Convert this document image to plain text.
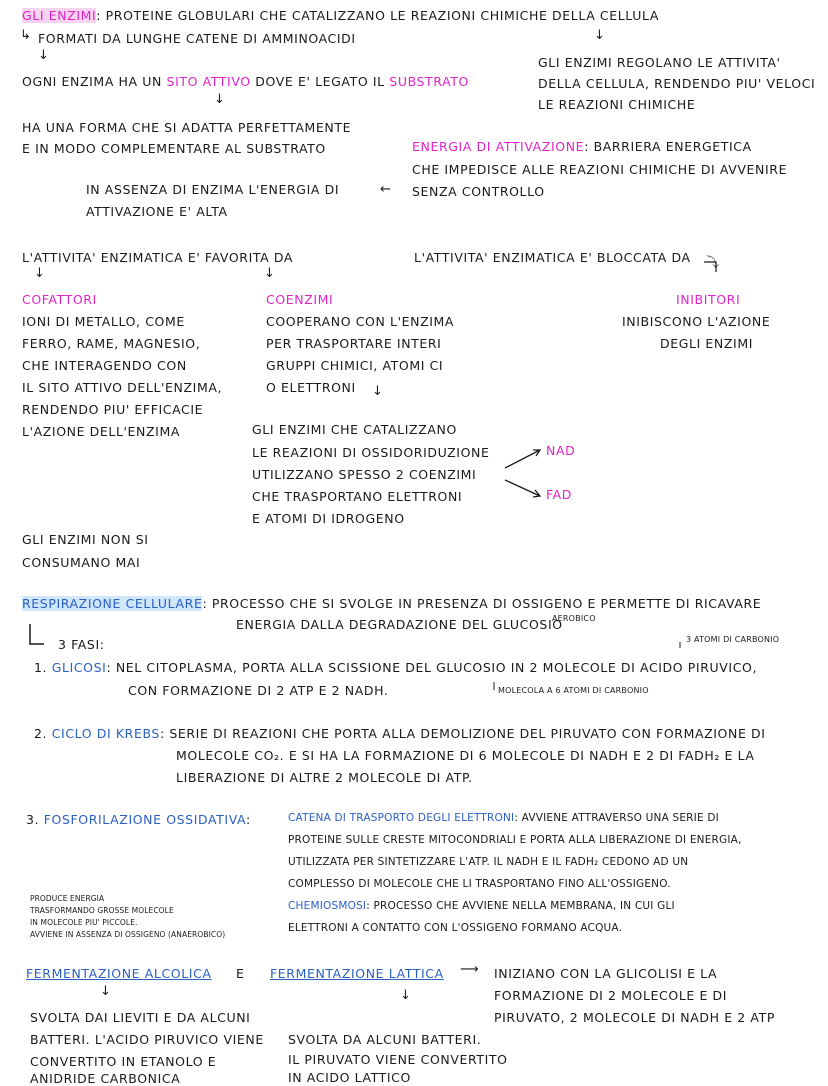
GLI ENZIMI: PROTEINE GLOBULARI CHE CATALIZZANO LE REAZIONI CHIMICHE DELLA CELLULA
↳ FORMATI DA LUNGHE CATENE DI AMMINOACIDI
↓
OGNI ENZIMA HA UN SITO ATTIVO DOVE E' LEGATO IL SUBSTRATO
↓
HA UNA FORMA CHE SI ADATTA PERFETTAMENTE
E IN MODO COMPLEMENTARE AL SUBSTRATO
↓
GLI ENZIMI REGOLANO LE ATTIVITA'
DELLA CELLULA, RENDENDO PIU' VELOCI
LE REAZIONI CHIMICHE
ENERGIA DI ATTIVAZIONE: BARRIERA ENERGETICA
CHE IMPEDISCE ALLE REAZIONI CHIMICHE DI AVVENIRE
SENZA CONTROLLO
←
IN ASSENZA DI ENZIMA L'ENERGIA DI
ATTIVAZIONE E' ALTA
L'ATTIVITA' ENZIMATICA E' FAVORITA DA
↓	↓
L'ATTIVITA' ENZIMATICA E' BLOCCATA DA ⤵
COFATTORI
IONI DI METALLO, COME
FERRO, RAME, MAGNESIO,
CHE INTERAGENDO CON
IL SITO ATTIVO DELL'ENZIMA,
RENDENDO PIU' EFFICACIE
L'AZIONE DELL'ENZIMA
COENZIMI
COOPERANO CON L'ENZIMA
PER TRASPORTARE INTERI
GRUPPI CHIMICI, ATOMI CI
O ELETTRONI ↓
INIBITORI
INIBISCONO L'AZIONE
DEGLI ENZIMI
GLI ENZIMI CHE CATALIZZANO
LE REAZIONI DI OSSIDORIDUZIONE
UTILIZZANO SPESSO 2 COENZIMI
CHE TRASPORTANO ELETTRONI
E ATOMI DI IDROGENO
NAD
FAD
GLI ENZIMI NON SI
CONSUMANO MAI
RESPIRAZIONE CELLULARE: PROCESSO CHE SI SVOLGE IN PRESENZA DI OSSIGENO E PERMETTE DI RICAVARE
ENERGIA DALLA DEGRADAZIONE DEL GLUCOSIO
AEROBICO
3 FASI:	3 ATOMI DI CARBONIO
1. GLICOSI: NEL CITOPLASMA, PORTA ALLA SCISSIONE DEL GLUCOSIO IN 2 MOLECOLE DI ACIDO PIRUVICO,
CON FORMAZIONE DI 2 ATP E 2 NADH.	MOLECOLA A 6 ATOMI DI CARBONIO
2. CICLO DI KREBS: SERIE DI REAZIONI CHE PORTA ALLA DEMOLIZIONE DEL PIRUVATO CON FORMAZIONE DI
MOLECOLE CO₂. E SI HA LA FORMAZIONE DI 6 MOLECOLE DI NADH E 2 DI FADH₂ E LA
LIBERAZIONE DI ALTRE 2 MOLECOLE DI ATP.
3. FOSFORILAZIONE OSSIDATIVA:	CATENA DI TRASPORTO DEGLI ELETTRONI: AVVIENE ATTRAVERSO UNA SERIE DI
PROTEINE SULLE CRESTE MITOCONDRIALI E PORTA ALLA LIBERAZIONE DI ENERGIA,
UTILIZZATA PER SINTETIZZARE L'ATP. IL NADH E IL FADH₂ CEDONO AD UN
COMPLESSO DI MOLECOLE CHE LI TRASPORTANO FINO ALL'OSSIGENO.
CHEMIOSMOSI: PROCESSO CHE AVVIENE NELLA MEMBRANA, IN CUI GLI
ELETTRONI A CONTATTO CON L'OSSIGENO FORMANO ACQUA.
PRODUCE ENERGIA
TRASFORMANDO GROSSE MOLECOLE
IN MOLECOLE PIU' PICCOLE.
AVVIENE IN ASSENZA DI OSSIGENO (ANAEROBICO)
FERMENTAZIONE ALCOLICA E FERMENTAZIONE LATTICA ⟶ INIZIANO CON LA GLICOLISI E LA
FORMAZIONE DI 2 MOLECOLE E DI
PIRUVATO, 2 MOLECOLE DI NADH E 2 ATP
↓	↓
SVOLTA DAI LIEVITI E DA ALCUNI
BATTERI. L'ACIDO PIRUVICO VIENE
CONVERTITO IN ETANOLO E
ANIDRIDE CARBONICA
SVOLTA DA ALCUNI BATTERI.
IL PIRUVATO VIENE CONVERTITO
IN ACIDO LATTICO
